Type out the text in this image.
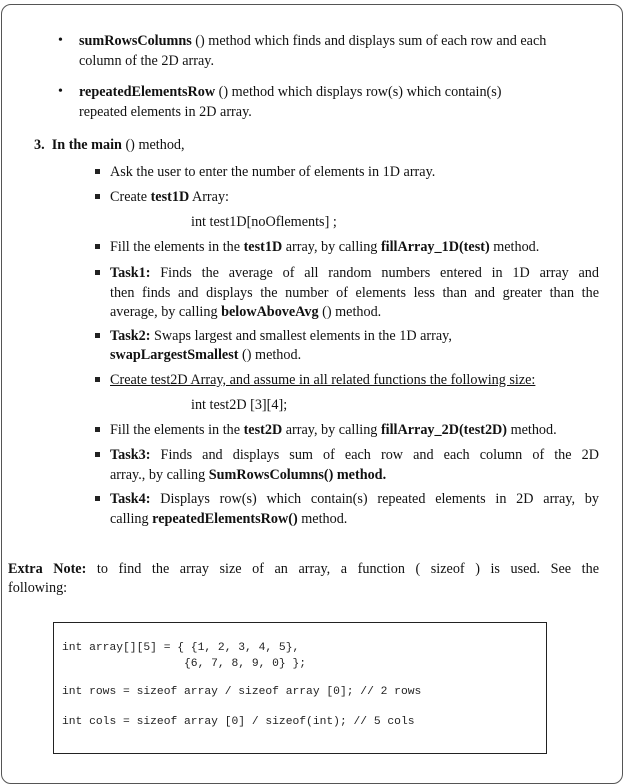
• sumRowsColumns () method which finds and displays sum of each row and each
column of the 2D array.
• repeatedElementsRow () method which displays row(s) which contain(s)
repeated elements in 2D array.
3. In the main () method,
Ask the user to enter the number of elements in 1D array.
Create test1D Array:
int test1D[noOflements] ;
Fill the elements in the test1D array, by calling fillArray_1D(test) method.
Task1: Finds the average of all random numbers entered in 1D array and
then finds and displays the number of elements less than and greater than the
average, by calling belowAboveAvg () method.
Task2: Swaps largest and smallest elements in the 1D array,
swapLargestSmallest () method.
Create test2D Array, and assume in all related functions the following size:
int test2D [3][4];
Fill the elements in the test2D array, by calling fillArray_2D(test2D) method.
Task3: Finds and displays sum of each row and each column of the 2D
array., by calling SumRowsColumns() method.
Task4: Displays row(s) which contain(s) repeated elements in 2D array, by
calling repeatedElementsRow() method.
Extra Note: to find the array size of an array, a function ( sizeof ) is used. See the
following:
int array[][5] = { {1, 2, 3, 4, 5},
{6, 7, 8, 9, 0} };
int rows = sizeof array / sizeof array [0]; // 2 rows
int cols = sizeof array [0] / sizeof(int); // 5 cols
